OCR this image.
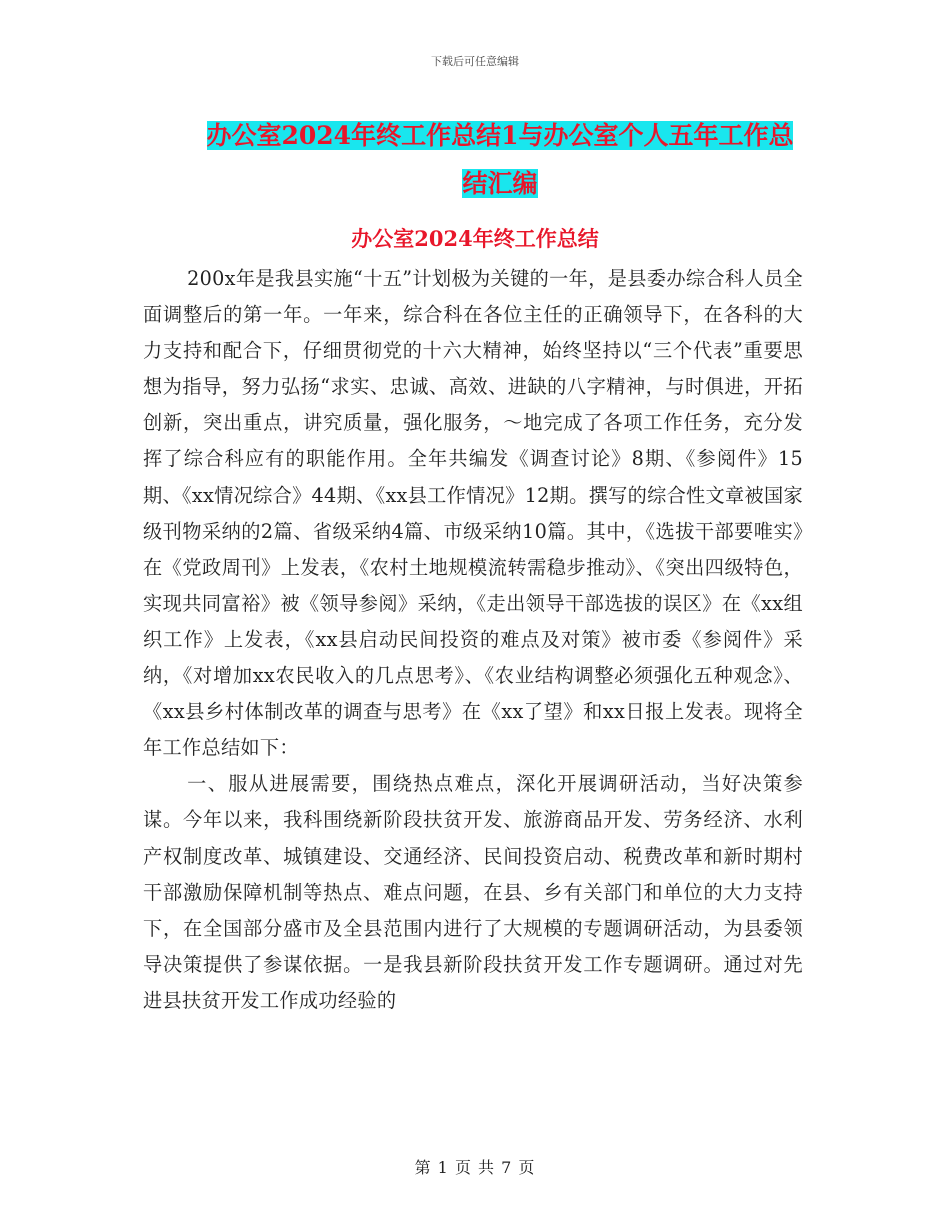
下载后可任意编辑
办公室2024年终工作总结1与办公室个人五年工作总
结汇编
办公室2024年终工作总结

200x年是我县实施“十五”计划极为关键的一年，是县委办综合科人员全面调整后的第一年。一年来，综合科在各位主任的正确领导下，在各科的大力支持和配合下，仔细贯彻党的十六大精神，始终坚持以“三个代表”重要思想为指导，努力弘扬“求实、忠诚、高效、进缺的八字精神，与时俱进，开拓创新，突出重点，讲究质量，强化服务，～地完成了各项工作任务，充分发挥了综合科应有的职能作用。全年共编发《调查讨论》8期、《参阅件》15期、《xx情况综合》44期、《xx县工作情况》12期。撰写的综合性文章被国家级刊物采纳的2篇、省级采纳4篇、市级采纳10篇。其中，《选拔干部要唯实》在《党政周刊》上发表，《农村土地规模流转需稳步推动》、《突出四级特色，实现共同富裕》被《领导参阅》采纳，《走出领导干部选拔的误区》在《xx组织工作》上发表，《xx县启动民间投资的难点及对策》被市委《参阅件》采纳，《对增加xx农民收入的几点思考》、《农业结构调整必须强化五种观念》、《xx县乡村体制改革的调查与思考》在《xx了望》和xx日报上发表。现将全年工作总结如下：

一、服从进展需要，围绕热点难点，深化开展调研活动，当好决策参谋。今年以来，我科围绕新阶段扶贫开发、旅游商品开发、劳务经济、水利产权制度改革、城镇建设、交通经济、民间投资启动、税费改革和新时期村干部激励保障机制等热点、难点问题，在县、乡有关部门和单位的大力支持下，在全国部分盛市及全县范围内进行了大规模的专题调研活动，为县委领导决策提供了参谋依据。一是我县新阶段扶贫开发工作专题调研。通过对先进县扶贫开发工作成功经验的

第 1 页 共 7 页
